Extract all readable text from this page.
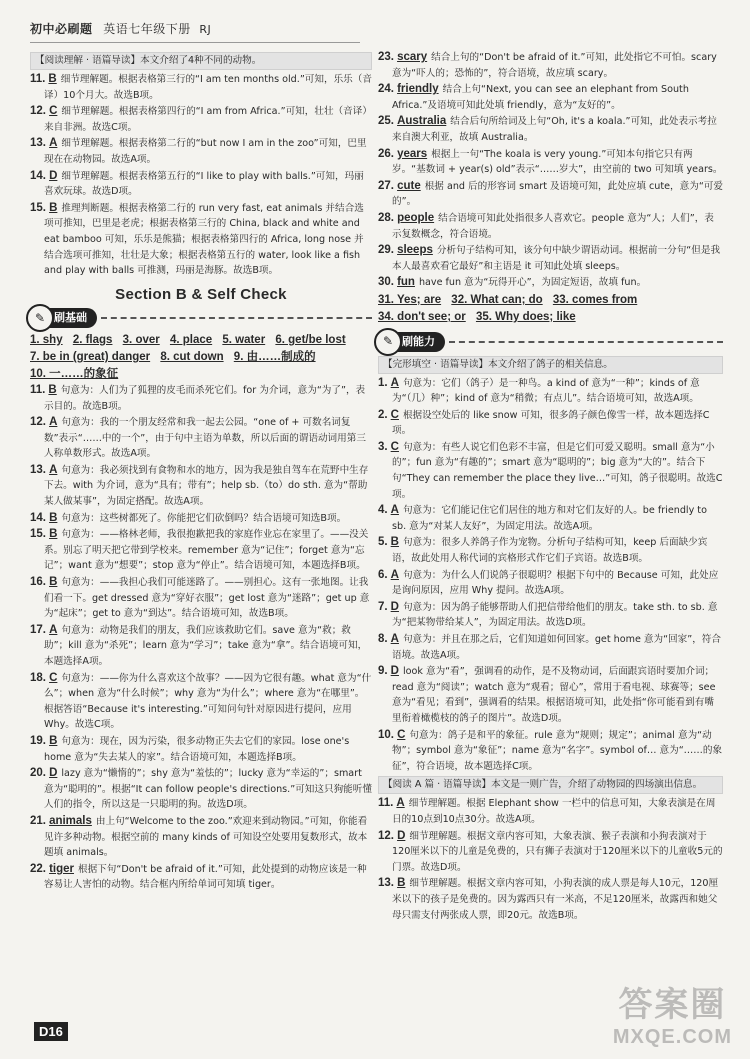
初中必刷题 英语七年级下册 RJ
【阅读理解 · 语篇导读】本文介绍了4种不同的动物。
11. B 细节理解题。根据表格第三行的“I am ten months old.”可知，乐乐（音译）10个月大。故选B项。
12. C 细节理解题。根据表格第四行的“I am from Africa.”可知，壮壮（音译）来自非洲。故选C项。
13. A 细节理解题。根据表格第二行的“but now I am in the zoo”可知，巴里现在在动物园。故选A项。
14. D 细节理解题。根据表格第五行的“I like to play with balls.”可知，玛丽喜欢玩球。故选D项。
15. B 推理判断题。根据表格第二行的 run very fast, eat animals 并结合选项可推知，巴里是老虎；根据表格第三行的 China, black and white and eat bamboo 可知，乐乐是熊猫；根据表格第四行的 Africa, long nose 并结合选项可推知，壮壮是大象；根据表格第五行的 water, look like a fish and play with balls 可推测，玛丽是海豚。故选B项。
Section B & Self Check
✎ 刷基础
1. shy 2. flags 3. over 4. place 5. water 6. get/be lost
7. be in (great) danger 8. cut down 9. 由……制成的
10. 一……的象征
11. B 句意为：人们为了狐狸的皮毛而杀死它们。for 为介词，意为“为了”，表示目的。故选B项。
12. A 句意为：我的一个朋友经常和我一起去公园。“one of + 可数名词复数”表示“……中的一个”，由于句中主语为单数，所以后面的谓语动词用第三人称单数形式。故选A项。
13. A 句意为：我必须找到有食物和水的地方，因为我是独自驾车在荒野中生存下去。with 为介词，意为“具有；带有”；help sb.（to）do sth. 意为“帮助某人做某事”，为固定搭配。故选A项。
14. B 句意为：这些树都死了。你能把它们砍倒吗？结合语境可知选B项。
15. B 句意为：——格林老师，我很抱歉把我的家庭作业忘在家里了。——没关系。别忘了明天把它带到学校来。remember 意为“记住”；forget 意为“忘记”；want 意为“想要”；stop 意为“停止”。结合语境可知，本题选择B项。
16. B 句意为：——我担心我们可能迷路了。——别担心。这有一张地图。让我们看一下。get dressed 意为“穿好衣服”；get lost 意为“迷路”；get up 意为“起床”；get to 意为“到达”。结合语境可知，故选B项。
17. A 句意为：动物是我们的朋友，我们应该救助它们。save 意为“救；救助”；kill 意为“杀死”；learn 意为“学习”；take 意为“拿”。结合语境可知，本题选择A项。
18. C 句意为：——你为什么喜欢这个故事？——因为它很有趣。what 意为“什么”；when 意为“什么时候”；why 意为“为什么”；where 意为“在哪里”。根据答语“Because it's interesting.”可知问句针对原因进行提问，应用 Why。故选C项。
19. B 句意为：现在，因为污染，很多动物正失去它们的家园。lose one's home 意为“失去某人的家”。结合语境可知，本题选择B项。
20. D lazy 意为“懒惰的”；shy 意为“羞怯的”；lucky 意为“幸运的”；smart 意为“聪明的”。根据“It can follow people's directions.”可知这只狗能听懂人们的指令，所以这是一只聪明的狗。故选D项。
21. animals 由上句“Welcome to the zoo.”欢迎来到动物园。”可知，你能看见许多种动物。根据空前的 many kinds of 可知设空处要用复数形式，故本题填 animals。
22. tiger 根据下句“Don't be afraid of it.”可知，此处提到的动物应该是一种容易让人害怕的动物。结合框内所给单词可知填 tiger。
23. scary 结合上句的“Don't be afraid of it.”可知，此处指它不可怕。scary 意为“吓人的；恐怖的”，符合语境，故应填 scary。
24. friendly 结合上句“Next, you can see an elephant from South Africa.”及语境可知此处填 friendly，意为“友好的”。
25. Australia 结合后句所给词及上句“Oh, it's a koala.”可知，此处表示考拉来自澳大利亚，故填 Australia。
26. years 根据上一句“The koala is very young.”可知本句指它只有两岁。“基数词 + year(s) old”表示“……岁大”，由空前的 two 可知填 years。
27. cute 根据 and 后的形容词 smart 及语境可知，此处应填 cute，意为“可爱的”。
28. people 结合语境可知此处指很多人喜欢它。people 意为“人；人们”，表示复数概念，符合语境。
29. sleeps 分析句子结构可知，该分句中缺少谓语动词。根据前一分句“但是我本人最喜欢看它最好”和主语是 it 可知此处填 sleeps。
30. fun have fun 意为“玩得开心”，为固定短语，故填 fun。
31. Yes; are 32. What can; do 33. comes from
34. don't see; or 35. Why does; like
✎ 刷能力
【完形填空 · 语篇导读】本文介绍了鸽子的相关信息。
1. A 句意为：它们（鸽子）是一种鸟。a kind of 意为“一种”；kinds of 意为“（几）种”；kind of 意为“稍微；有点儿”。结合语境可知，故选A项。
2. C 根据设空处后的 like snow 可知，很多鸽子颜色像雪一样，故本题选择C项。
3. C 句意为：有些人说它们色彩不丰富，但是它们可爱又聪明。small 意为“小的”；fun 意为“有趣的”；smart 意为“聪明的”；big 意为“大的”。结合下句“They can remember the place they live…”可知，鸽子很聪明。故选C项。
4. A 句意为：它们能记住它们居住的地方和对它们友好的人。be friendly to sb. 意为“对某人友好”，为固定用法。故选A项。
5. B 句意为：很多人养鸽子作为宠物。分析句子结构可知，keep 后面缺少宾语，故此处用人称代词的宾格形式作它们子宾语。故选B项。
6. A 句意为：为什么人们说鸽子很聪明？根据下句中的 Because 可知，此处应是询问原因，应用 Why 提问。故选A项。
7. D 句意为：因为鸽子能够帮助人们把信带给他们的朋友。take sth. to sb. 意为“把某物带给某人”，为固定用法。故选D项。
8. A 句意为：并且在那之后，它们知道如何回家。get home 意为“回家”，符合语境。故选A项。
9. D look 意为“看”，强调看的动作，是不及物动词，后面跟宾语时要加介词；read 意为“阅读”；watch 意为“观看；留心”，常用于看电视、球赛等；see 意为“看见；看到”，强调看的结果。根据语境可知，此处指“你可能看到有嘴里衔着橄榄枝的鸽子的图片”。故选D项。
10. C 句意为：鸽子是和平的象征。rule 意为“规则；规定”；animal 意为“动物”；symbol 意为“象征”；name 意为“名字”。symbol of… 意为“……的象征”，符合语境，故本题选择C项。
【阅读 A 篇 · 语篇导读】本文是一则广告，介绍了动物园的四场演出信息。
11. A 细节理解题。根据 Elephant show 一栏中的信息可知，大象表演是在周日的10点到10点30分。故选A项。
12. D 细节理解题。根据文章内容可知，大象表演、猴子表演和小狗表演对于120厘米以下的儿童是免费的，只有狮子表演对于120厘米以下的儿童收5元的门票。故选D项。
13. B 细节理解题。根据文章内容可知，小狗表演的成人票是每人10元，120厘米以下的孩子是免费的。因为露西只有一米高，不足120厘米，故露西和她父母只需支付两张成人票，即20元。故选B项。
D16
答案圈
MXQE.COM
